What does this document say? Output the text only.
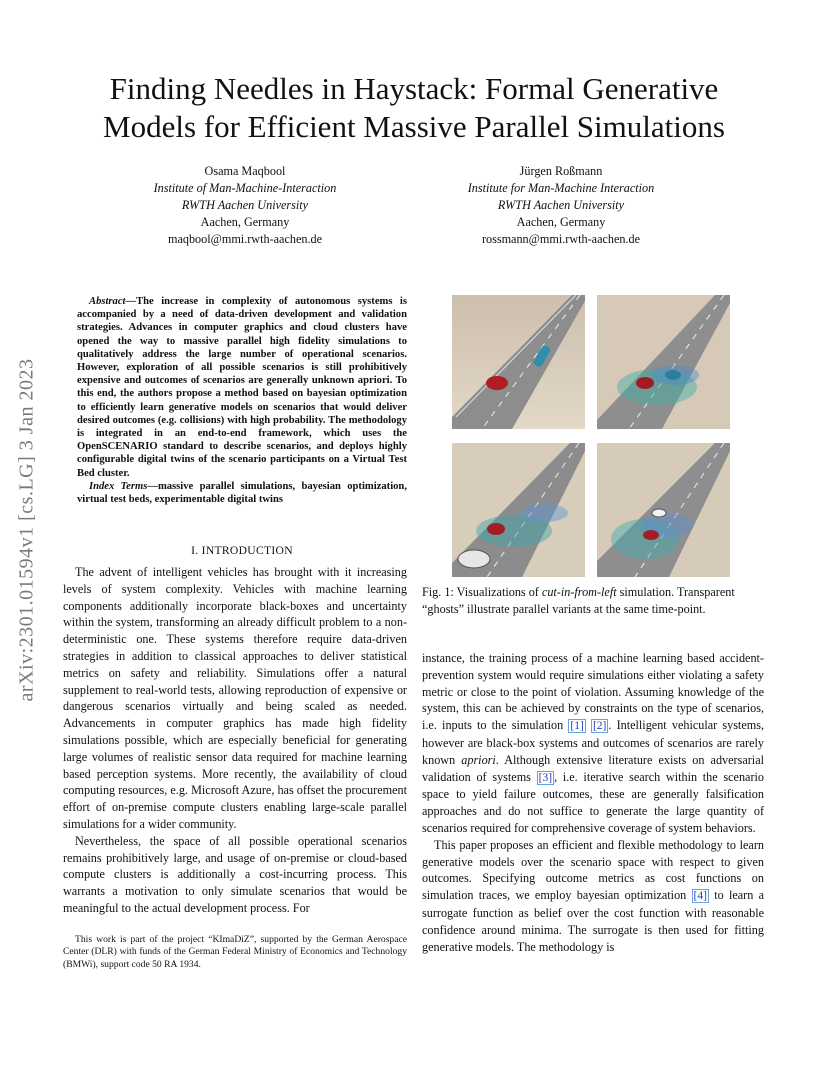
Finding Needles in Haystack: Formal Generative
Models for Efficient Massive Parallel Simulations
Osama Maqbool
Institute of Man-Machine-Interaction
RWTH Aachen University
Aachen, Germany
maqbool@mmi.rwth-aachen.de
Jürgen Roßmann
Institute for Man-Machine Interaction
RWTH Aachen University
Aachen, Germany
rossmann@mmi.rwth-aachen.de
arXiv:2301.01594v1 [cs.LG] 3 Jan 2023

Abstract—The increase in complexity of autonomous systems is accompanied by a need of data-driven development and validation strategies. Advances in computer graphics and cloud clusters have opened the way to massive parallel high fidelity simulations to qualitatively address the large number of operational scenarios. However, exploration of all possible scenarios is still prohibitively expensive and outcomes of scenarios are generally unknown apriori. To this end, the authors propose a method based on bayesian optimization to efficiently learn generative models on scenarios that would deliver desired outcomes (e.g. collisions) with high probability. The methodology is integrated in an end-to-end framework, which uses the OpenSCENARIO standard to describe scenarios, and deploys highly configurable digital twins of the scenario participants on a Virtual Test Bed cluster.

Index Terms—massive parallel simulations, bayesian optimization, virtual test beds, experimentable digital twins

I. INTRODUCTION

The advent of intelligent vehicles has brought with it increasing levels of system complexity. Vehicles with machine learning components additionally incorporate black-boxes and uncertainty within the system, transforming an already difficult problem to a non-deterministic one. These systems therefore require data-driven strategies in addition to classical approaches to deliver statistical metrics on safety and reliability. Simulations offer a natural supplement to real-world tests, allowing reproduction of expensive or dangerous scenarios virtually and being scaled as needed. Advancements in computer graphics has made high fidelity simulations possible, which are especially beneficial for generating large volumes of realistic sensor data required for machine learning based perception systems. More recently, the availability of cloud computing resources, e.g. Microsoft Azure, has offset the procurement effort of on-premise compute clusters enabling large-scale parallel simulations for a wider community.

Nevertheless, the space of all possible operational scenarios remains prohibitively large, and usage of on-premise or cloud-based compute clusters is additionally a cost-incurring process. This warrants a motivation to only simulate scenarios that would be meaningful to the actual development process. For

This work is part of the project “KImaDiZ”, supported by the German Aerospace Center (DLR) with funds of the German Federal Ministry of Economics and Technology (BMWi), support code 50 RA 1934.

Fig. 1: Visualizations of cut-in-from-left simulation. Transparent “ghosts” illustrate parallel variants at the same time-point.

instance, the training process of a machine learning based accident-prevention system would require simulations either violating a safety metric or close to the point of violation. Assuming knowledge of the system, this can be achieved by constraints on the type of scenarios, i.e. inputs to the simulation [1] [2] . Intelligent vehicular systems, however are black-box systems and outcomes of scenarios are rarely known apriori. Although extensive literature exists on adversarial validation of systems [3] , i.e. iterative search within the scenario space to yield failure outcomes, these are generally falsification approaches and do not suffice to generate the large quantity of scenarios required for comprehensive coverage of system behaviors.

This paper proposes an efficient and flexible methodology to learn generative models over the scenario space with respect to given outcomes. Specifying outcome metrics as cost functions on simulation traces, we employ bayesian optimization [4] to learn a surrogate function as belief over the cost function with reasonable confidence around minima. The surrogate is then used for fitting generative models. The methodology is
